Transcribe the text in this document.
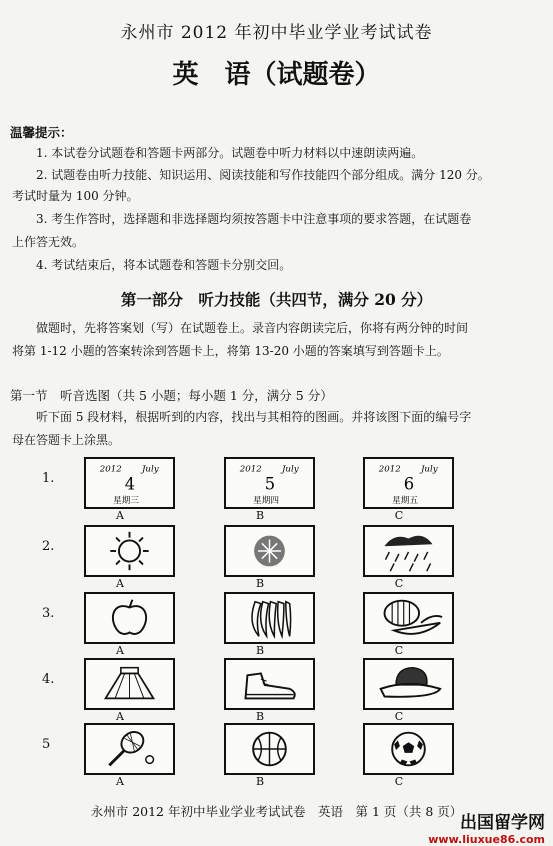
永州市 2012 年初中毕业学业考试试卷
英　语（试题卷）
温馨提示：
1. 本试卷分试题卷和答题卡两部分。试题卷中听力材料以中速朗读两遍。
2. 试题卷由听力技能、知识运用、阅读技能和写作技能四个部分组成。满分 120 分。
考试时量为 100 分钟。
3. 考生作答时，选择题和非选择题均须按答题卡中注意事项的要求答题，在试题卷
上作答无效。
4. 考试结束后，将本试题卷和答题卡分别交回。
第一部分　听力技能（共四节，满分 20 分）
做题时，先将答案划（写）在试题卷上。录音内容朗读完后，你将有两分钟的时间
将第 1-12 小题的答案转涂到答题卡上，将第 13-20 小题的答案填写到答题卡上。
第一节　听音选图（共 5 小题；每小题 1 分，满分 5 分）
听下面 5 段材料，根据听到的内容，找出与其相符的图画。并将该图下面的编号字
母在答题卡上涂黑。
1.
2012 July
4
星期三
A
2012 July
5
星期四
B
2012 July
6
星期五
C
2.
A	B	C
3.
A	B	C
4.
A	B	C
5
A	B	C
永州市 2012 年初中毕业学业考试试卷　英语　第 1 页（共 8 页）
出国留学网
www.liuxue86.com
